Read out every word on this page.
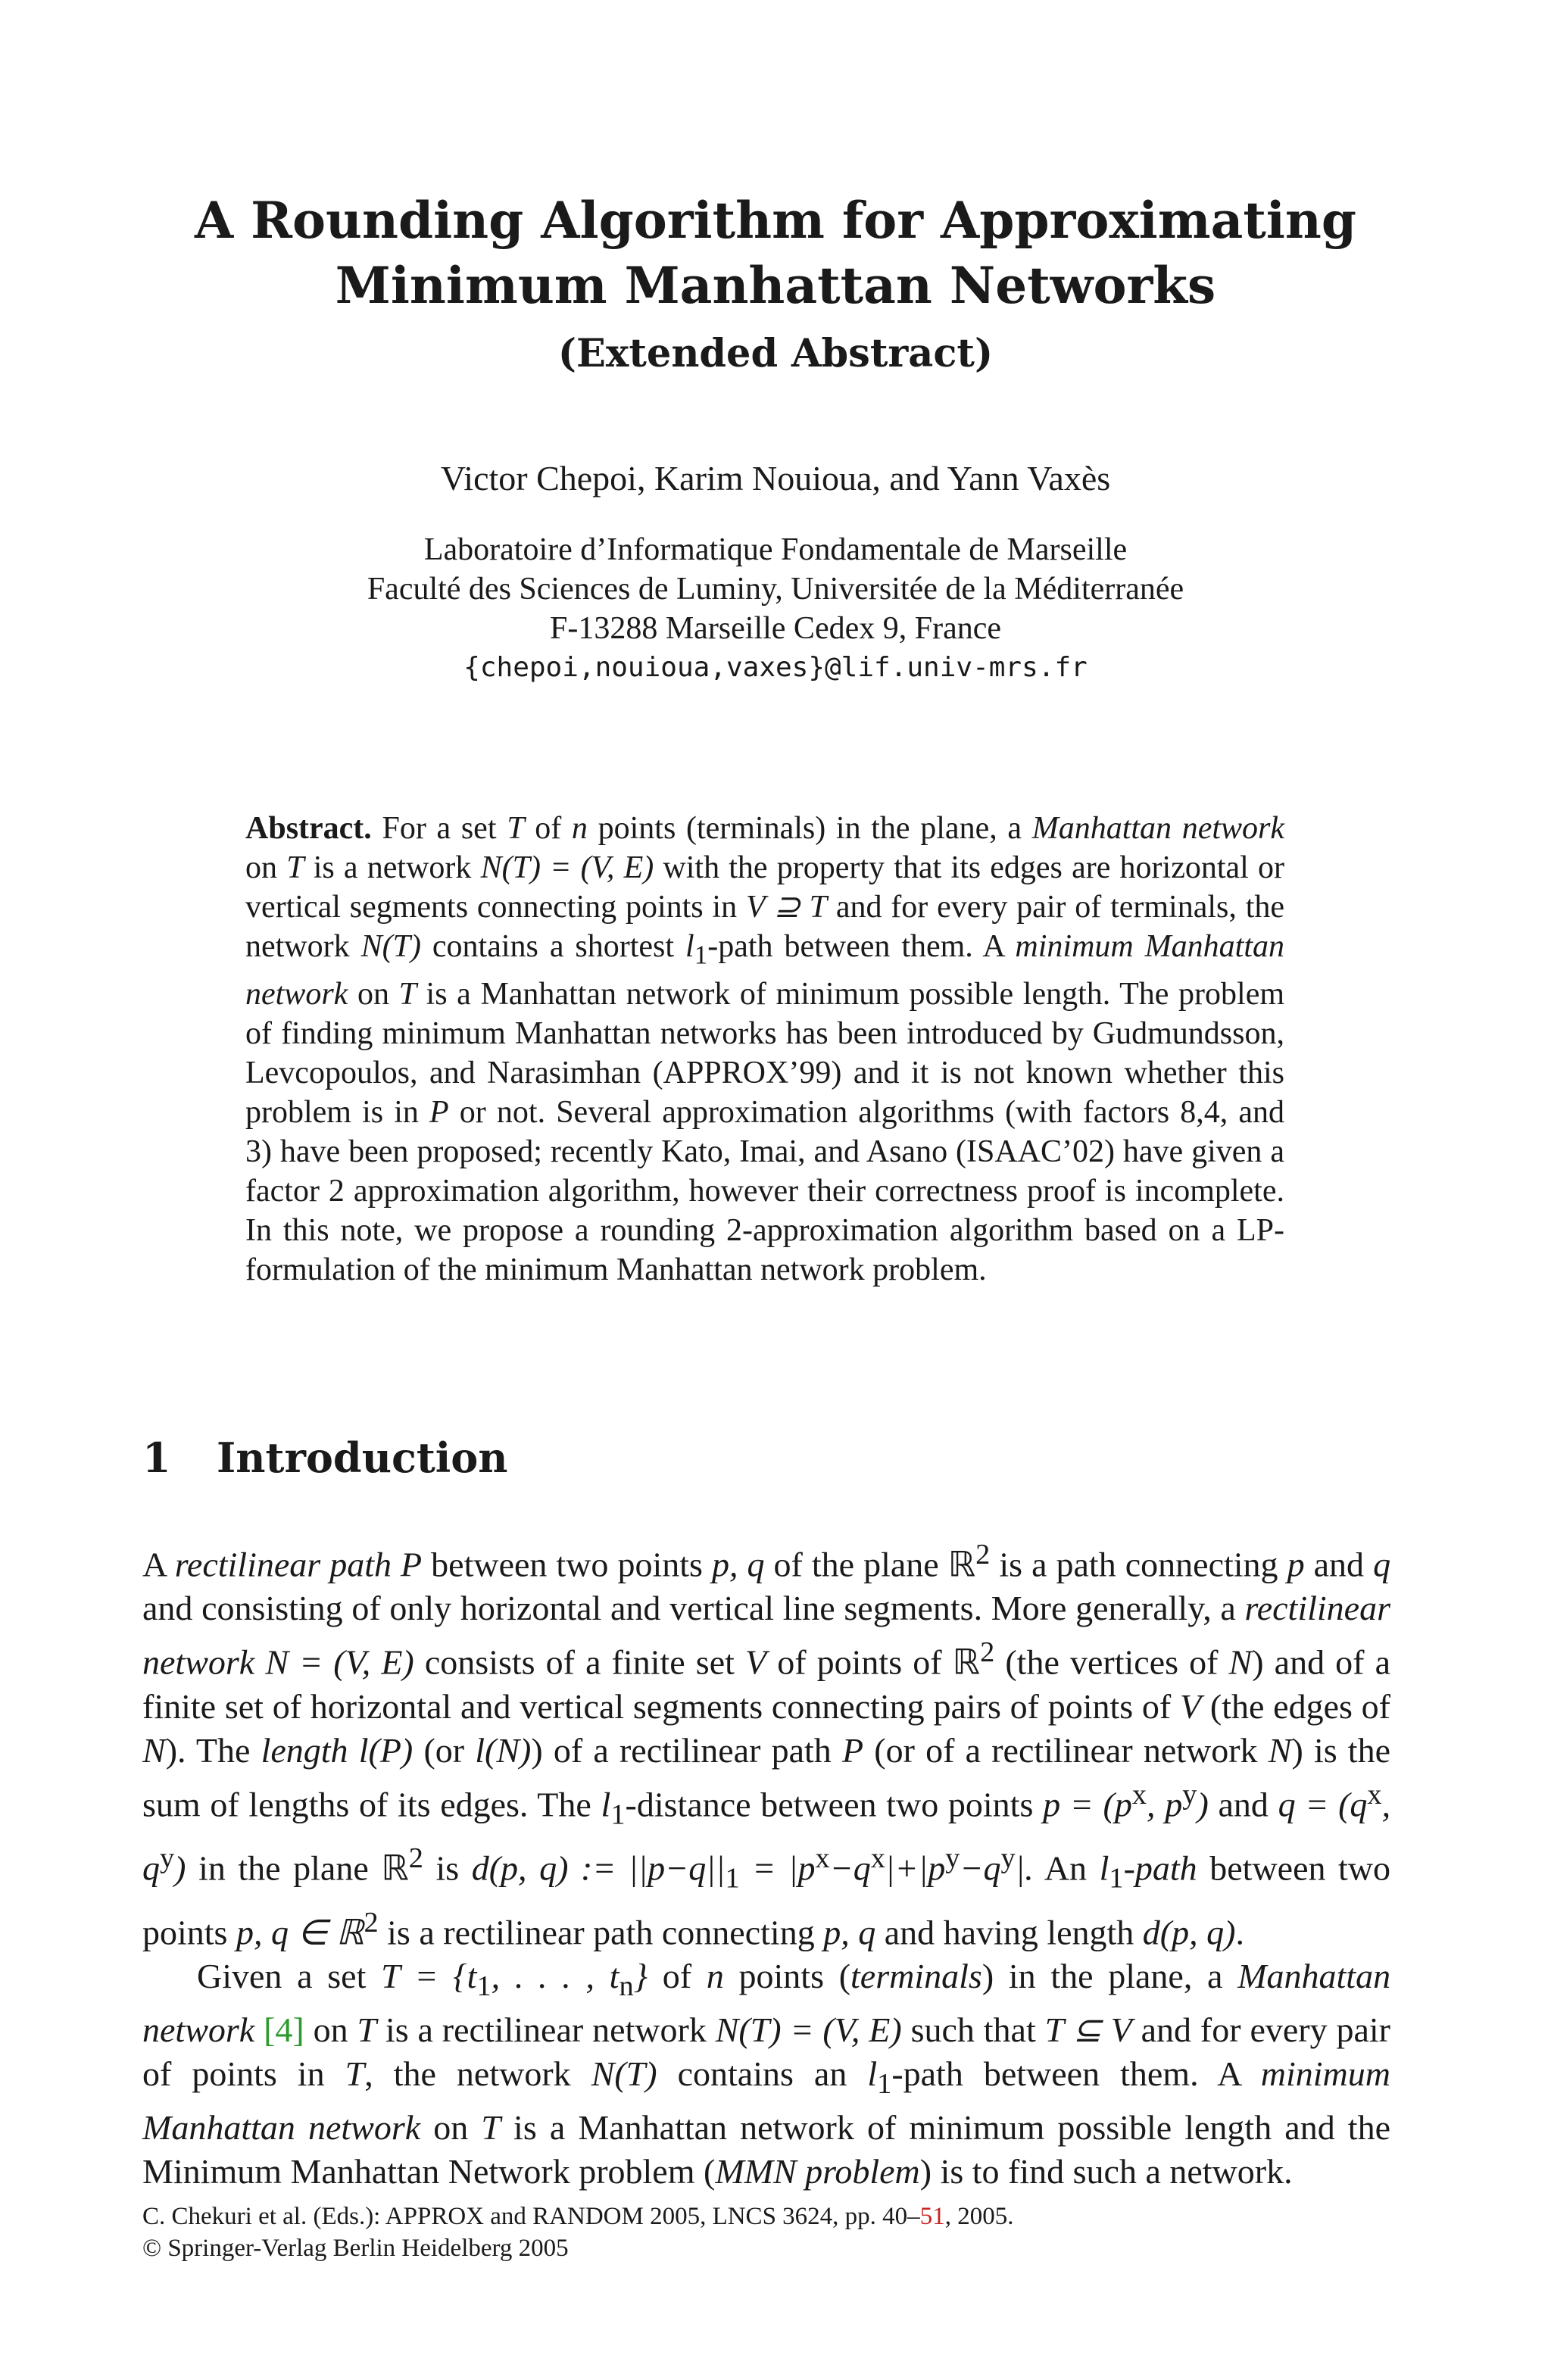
A Rounding Algorithm for Approximating
Minimum Manhattan Networks
(Extended Abstract)
Victor Chepoi, Karim Nouioua, and Yann Vaxès
Laboratoire d’Informatique Fondamentale de Marseille
Faculté des Sciences de Luminy, Universitée de la Méditerranée
F-13288 Marseille Cedex 9, France
{chepoi,nouioua,vaxes}@lif.univ-mrs.fr
Abstract. For a set T of n points (terminals) in the plane, a Manhattan network on T is a network N(T) = (V, E) with the property that its edges are horizontal or vertical segments connecting points in V ⊇ T and for every pair of terminals, the network N(T) contains a shortest $l_1$-path between them. A minimum Manhattan network on T is a Manhattan network of minimum possible length. The problem of finding minimum Manhattan networks has been introduced by Gudmundsson, Levcopoulos, and Narasimhan (APPROX’99) and it is not known whether this problem is in P or not. Several approximation algorithms (with factors 8,4, and 3) have been proposed; recently Kato, Imai, and Asano (ISAAC’02) have given a factor 2 approximation algorithm, however their correctness proof is incomplete. In this note, we propose a rounding 2-approximation algorithm based on a LP-formulation of the minimum Manhattan network problem.
1 Introduction

A rectilinear path P between two points p, q of the plane ℝ$^2$ is a path connecting p and q and consisting of only horizontal and vertical line segments. More generally, a rectilinear network N = (V, E) consists of a finite set V of points of ℝ$^2$ (the vertices of N) and of a finite set of horizontal and vertical segments connecting pairs of points of V (the edges of N). The length l(P) (or l(N)) of a rectilinear path P (or of a rectilinear network N) is the sum of lengths of its edges. The $l_1$-distance between two points $p = (p^x$, $p^y$) and $q = (q^x$, $q^y$) in the plane ℝ$^2$ is d(p, q) := $||p-q||_1 = |p^x-q^x|+|p^y-q^y|$. An $l_1$-path between two points p, q ∈ ℝ$^2$ is a rectilinear path connecting p, q and having length d(p, q).

Given a set $T = \{t_1$, . . . , $t_n$} of n points (terminals) in the plane, a Manhattan network [4] on T is a rectilinear network N(T) = (V, E) such that T ⊆ V and for every pair of points in T, the network N(T) contains an $l_1$-path between them. A minimum Manhattan network on T is a Manhattan network of minimum possible length and the Minimum Manhattan Network problem (MMN problem) is to find such a network.

C. Chekuri et al. (Eds.): APPROX and RANDOM 2005, LNCS 3624, pp. 40–51, 2005.
© Springer-Verlag Berlin Heidelberg 2005
